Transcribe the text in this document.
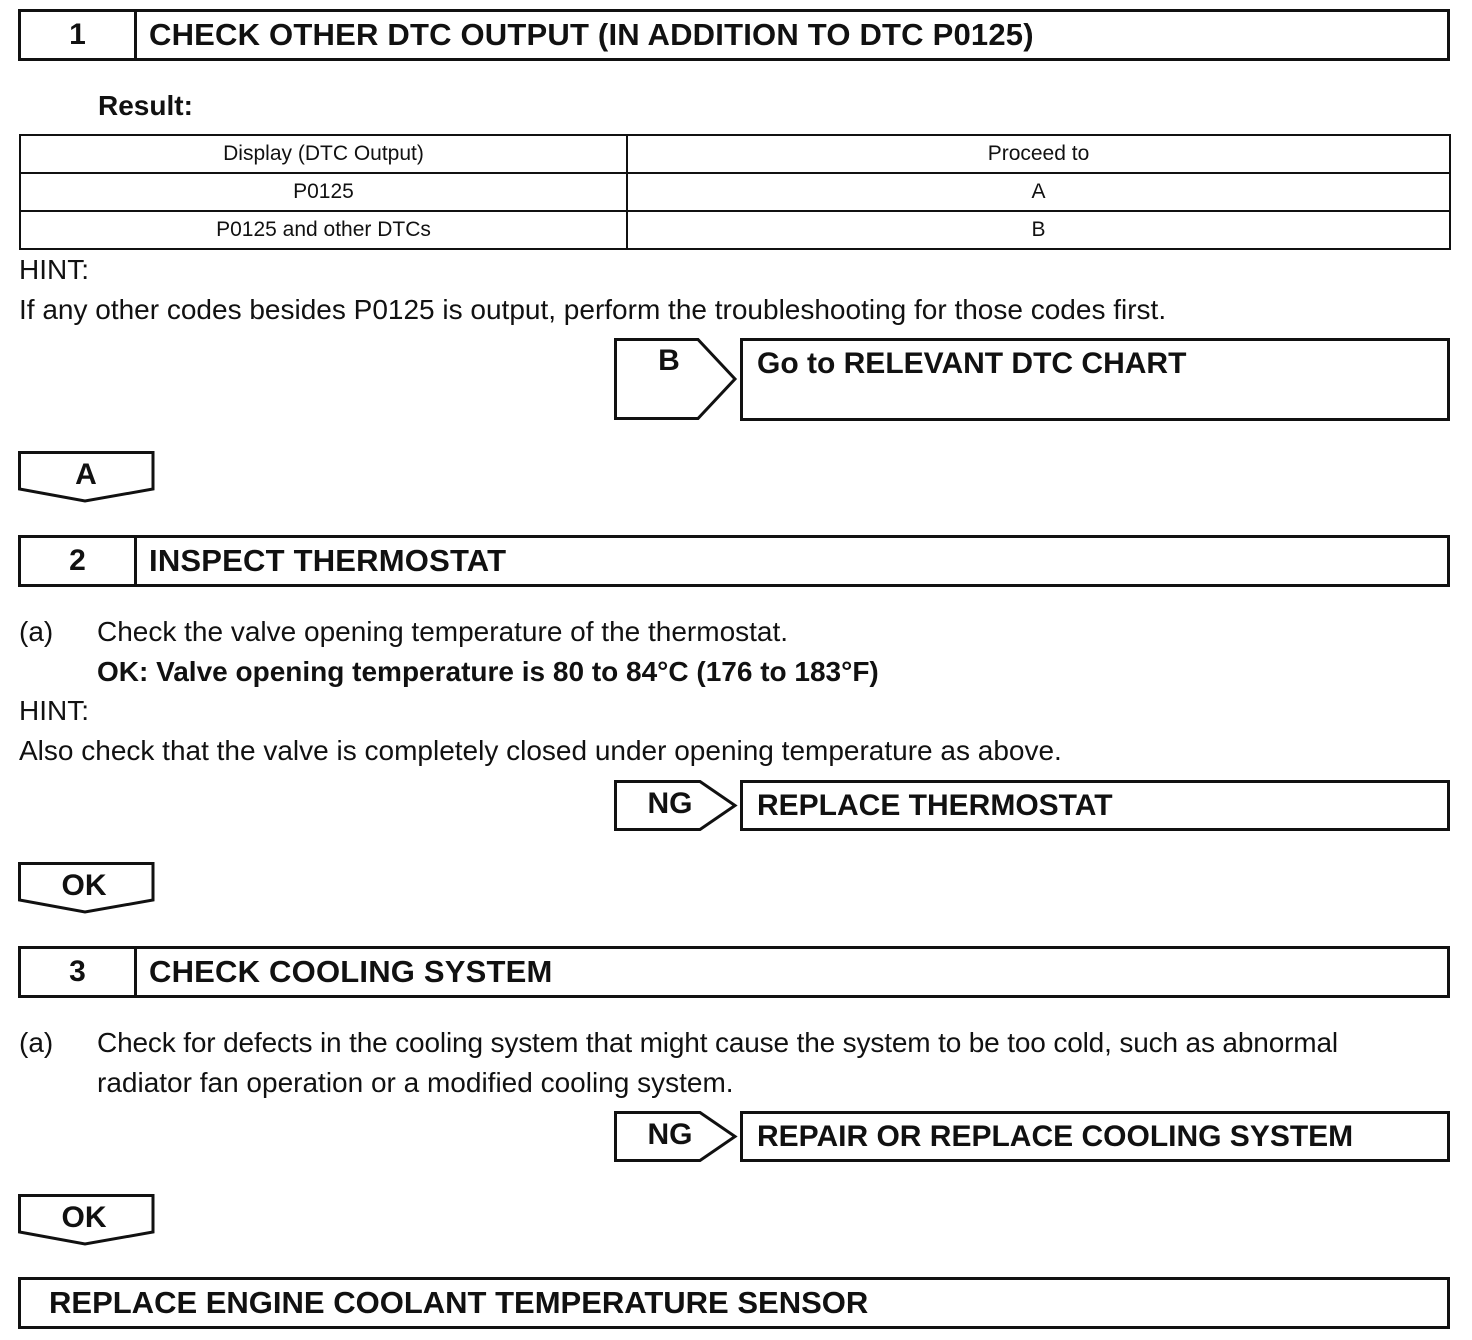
1	CHECK OTHER DTC OUTPUT (IN ADDITION TO DTC P0125)
Result:
Display (DTC Output)	Proceed to
P0125	A
P0125 and other DTCs	B
HINT:
If any other codes besides P0125 is output, perform the troubleshooting for those codes first.
B	Go to RELEVANT DTC CHART
A
2	INSPECT THERMOSTAT
(a) Check the valve opening temperature of the thermostat.
OK: Valve opening temperature is 80 to 84°C (176 to 183°F)
HINT:
Also check that the valve is completely closed under opening temperature as above.
NG	REPLACE THERMOSTAT
OK
3	CHECK COOLING SYSTEM
(a) Check for defects in the cooling system that might cause the system to be too cold, such as abnormal
radiator fan operation or a modified cooling system.
NG	REPAIR OR REPLACE COOLING SYSTEM
OK
REPLACE ENGINE COOLANT TEMPERATURE SENSOR
